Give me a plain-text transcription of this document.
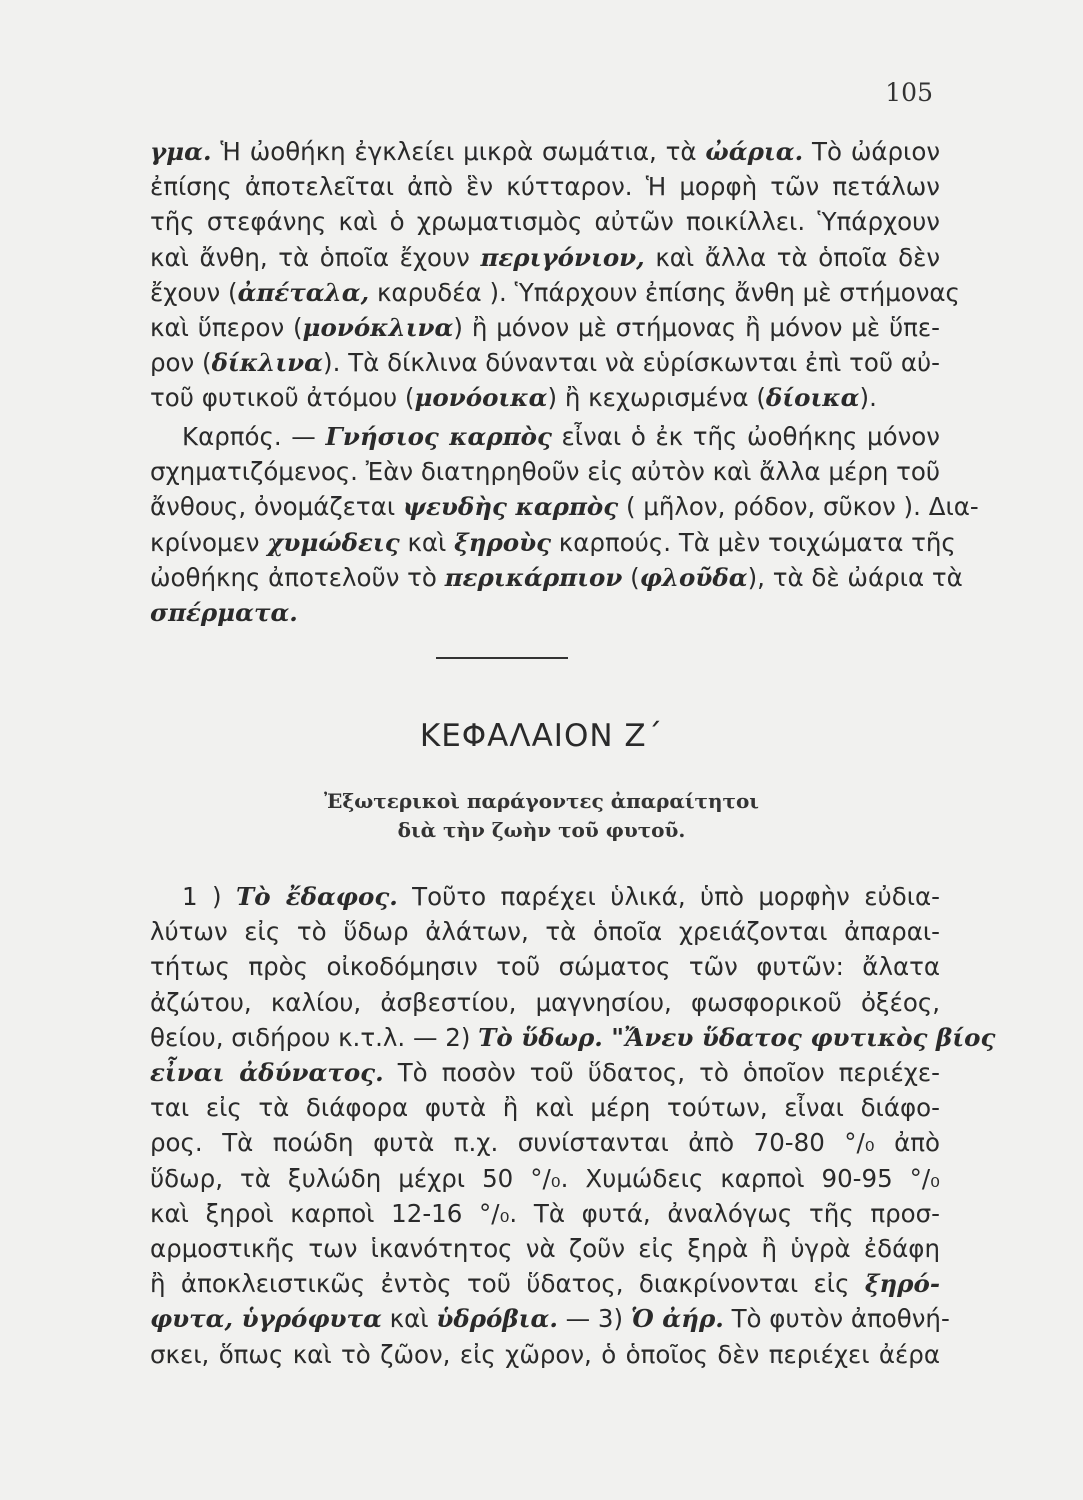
105
γμα. Ἡ ὠοθήκη ἐγκλείει μικρὰ σωμάτια, τὰ ὠάρια. Τὸ ὠάριον
ἐπίσης ἀποτελεῖται ἀπὸ ἓν κύτταρον. Ἡ μορφὴ τῶν πετάλων
τῆς στεφάνης καὶ ὁ χρωματισμὸς αὐτῶν ποικίλλει. Ὑπάρχουν
καὶ ἄνθη, τὰ ὁποῖα ἔχουν περιγόνιον, καὶ ἄλλα τὰ ὁποῖα δὲν
ἔχουν (ἀπέταλα, καρυδέα ). Ὑπάρχουν ἐπίσης ἄνθη μὲ στήμονας
καὶ ὕπερον (μονόκλινα) ἢ μόνον μὲ στήμονας ἢ μόνον μὲ ὕπε-
ρον (δίκλινα). Τὰ δίκλινα δύνανται νὰ εὑρίσκωνται ἐπὶ τοῦ αὐ-
τοῦ φυτικοῦ ἀτόμου (μονόοικα) ἢ κεχωρισμένα (δίοικα).
Καρπός. — Γνήσιος καρπὸς εἶναι ὁ ἐκ τῆς ὠοθήκης μόνον
σχηματιζόμενος. Ἐὰν διατηρηθοῦν εἰς αὐτὸν καὶ ἄλλα μέρη τοῦ
ἄνθους, ὀνομάζεται ψευδὴς καρπὸς ( μῆλον, ρόδον, σῦκον ). Δια-
κρίνομεν χυμώδεις καὶ ξηροὺς καρπούς. Τὰ μὲν τοιχώματα τῆς
ὠοθήκης ἀποτελοῦν τὸ περικάρπιον (φλοῦδα), τὰ δὲ ὠάρια τὰ
σπέρματα.
ΚΕΦΑΛΑΙΟΝ Ζ΄
Ἐξωτερικοὶ παράγοντες ἀπαραίτητοι
διὰ τὴν ζωὴν τοῦ φυτοῦ.
1 ) Τὸ ἔδαφος. Τοῦτο παρέχει ὑλικά, ὑπὸ μορφὴν εὐδια-
λύτων εἰς τὸ ὕδωρ ἀλάτων, τὰ ὁποῖα χρειάζονται ἀπαραι-
τήτως πρὸς οἰκοδόμησιν τοῦ σώματος τῶν φυτῶν: ἄλατα
ἀζώτου, καλίου, ἀσβεστίου, μαγνησίου, φωσφορικοῦ ὀξέος,
θείου, σιδήρου κ.τ.λ. — 2) Τὸ ὕδωρ. "Ἄνευ ὕδατος φυτικὸς βίος
εἶναι ἀδύνατος. Τὸ ποσὸν τοῦ ὕδατος, τὸ ὁποῖον περιέχε-
ται εἰς τὰ διάφορα φυτὰ ἢ καὶ μέρη τούτων, εἶναι διάφο-
ρος. Τὰ ποώδη φυτὰ π.χ. συνίστανται ἀπὸ 70-80 °/₀ ἀπὸ
ὕδωρ, τὰ ξυλώδη μέχρι 50 °/₀. Χυμώδεις καρποὶ 90-95 °/₀
καὶ ξηροὶ καρποὶ 12-16 °/₀. Τὰ φυτά, ἀναλόγως τῆς προσ-
αρμοστικῆς των ἱκανότητος νὰ ζοῦν εἰς ξηρὰ ἢ ὑγρὰ ἐδάφη
ἢ ἀποκλειστικῶς ἐντὸς τοῦ ὕδατος, διακρίνονται εἰς ξηρό-
φυτα, ὑγρόφυτα καὶ ὑδρόβια. — 3) Ὁ ἀήρ. Τὸ φυτὸν ἀποθνή-
σκει, ὅπως καὶ τὸ ζῶον, εἰς χῶρον, ὁ ὁποῖος δὲν περιέχει ἀέρα
